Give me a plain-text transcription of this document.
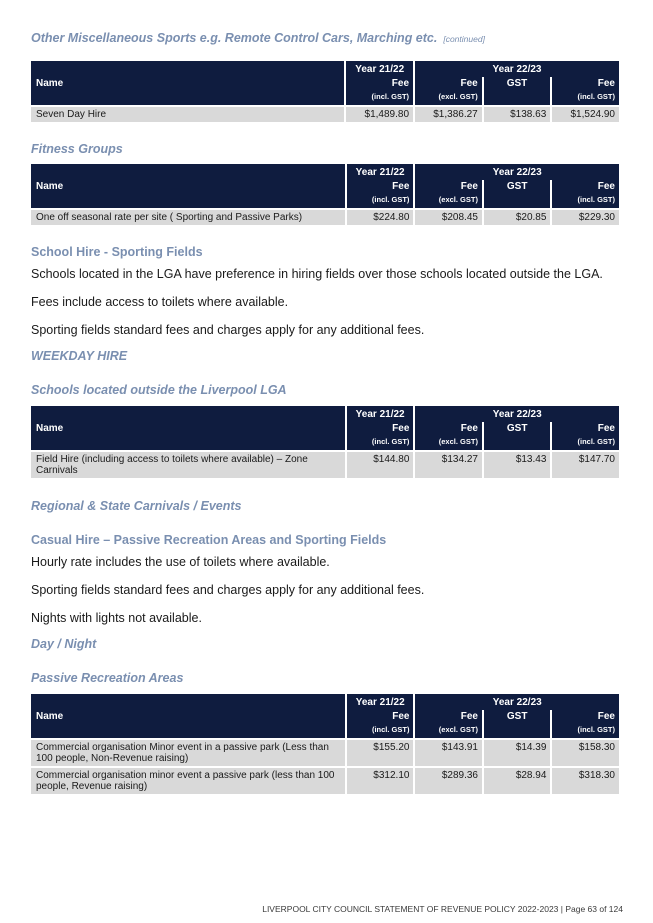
Other Miscellaneous Sports e.g. Remote Control Cars, Marching etc. [continued]
Name	Year 21/22	Year 22/23		
	Fee	Fee	GST	Fee
	(incl. GST)	(excl. GST)		(incl. GST)

Seven Day Hire	$1,489.80	$1,386.27	$138.63	$1,524.90
Fitness Groups
Name	Year 21/22	Year 22/23		
	Fee	Fee	GST	Fee
	(incl. GST)	(excl. GST)		(incl. GST)

One off seasonal rate per site ( Sporting and Passive Parks)	$224.80	$208.45	$20.85	$229.30
School Hire - Sporting Fields
Schools located in the LGA have preference in hiring fields over those schools located outside the LGA.
Fees include access to toilets where available.
Sporting fields standard fees and charges apply for any additional fees.
WEEKDAY HIRE
Schools located outside the Liverpool LGA
Name	Year 21/22	Year 22/23		
	Fee	Fee	GST	Fee
	(incl. GST)	(excl. GST)		(incl. GST)

Field Hire (including access to toilets where available) – Zone Carnivals	$144.80	$134.27	$13.43	$147.70
Regional & State Carnivals / Events
Casual Hire – Passive Recreation Areas and Sporting Fields
Hourly rate includes the use of toilets where available.
Sporting fields standard fees and charges apply for any additional fees.
Nights with lights not available.
Day / Night
Passive Recreation Areas
Name	Year 21/22	Year 22/23		
	Fee	Fee	GST	Fee
	(incl. GST)	(excl. GST)		(incl. GST)

Commercial organisation Minor event in a passive park (Less than 100 people, Non-Revenue raising)	$155.20	$143.91	$14.39	$158.30

Commercial organisation minor event a passive park (less than 100 people, Revenue raising)	$312.10	$289.36	$28.94	$318.30
LIVERPOOL CITY COUNCIL STATEMENT OF REVENUE POLICY 2022-2023 | Page 63 of 124
